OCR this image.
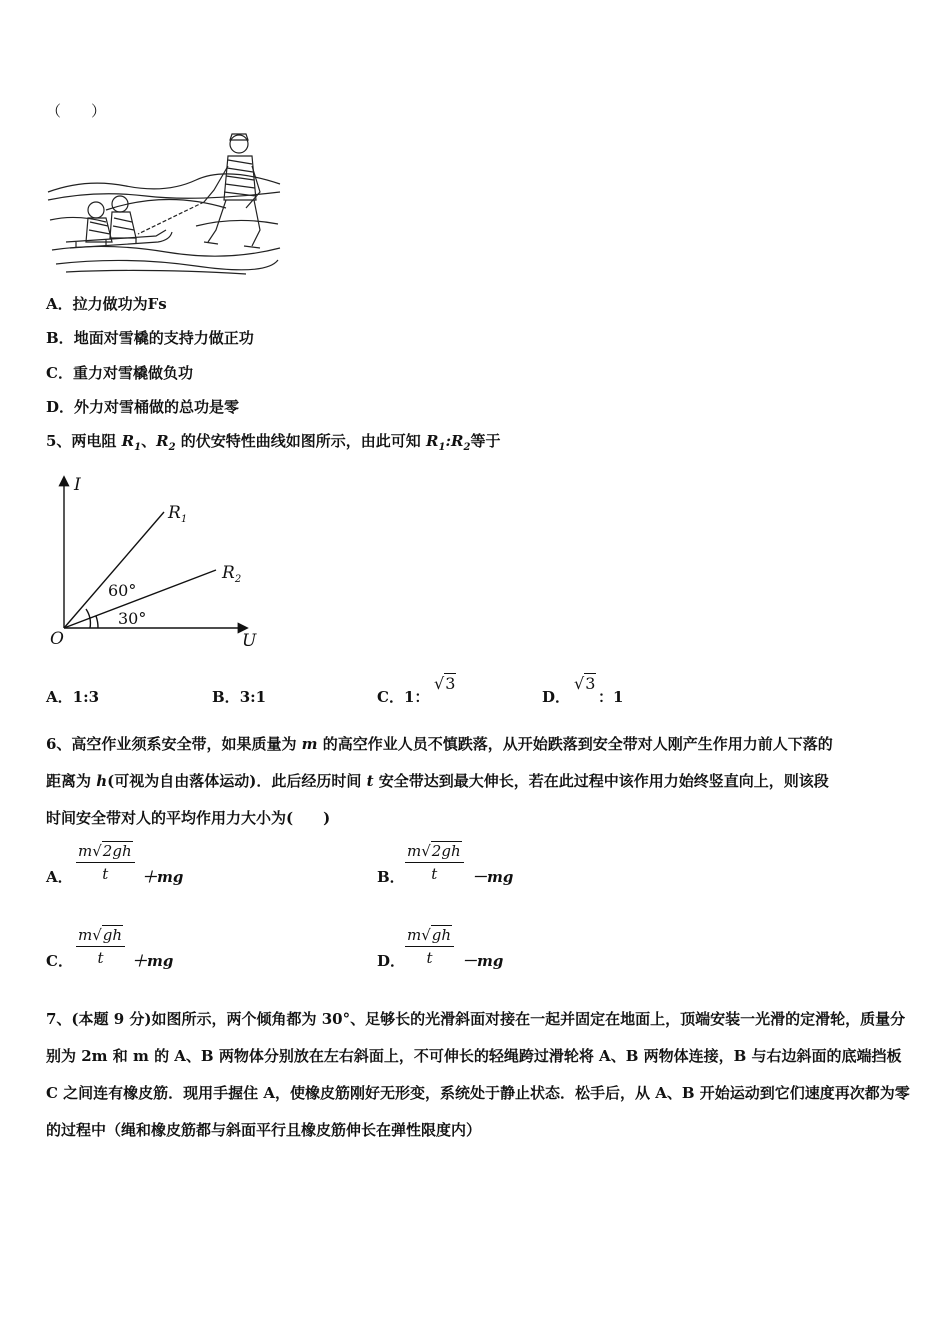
（　　）
A．拉力做功为Fs
B．地面对雪橇的支持力做正功
C．重力对雪橇做负功
D．外力对雪桶做的总功是零
5、两电阻 $R_1$、$R_2$ 的伏安特性曲线如图所示，由此可知 $R_1:R_2$等于
I
U
O
$R_1$
$R_2$
60°
30°
A．1:3	B．3:1	C．1：
√3
D．
√3
：1
6、高空作业须系安全带，如果质量为 m 的高空作业人员不慎跌落，从开始跌落到安全带对人刚产生作用力前人下落的
距离为 h(可视为自由落体运动)．此后经历时间 t 安全带达到最大伸长，若在此过程中该作用力始终竖直向上，则该段
时间安全带对人的平均作用力大小为(　　)
A． $\frac{m√2gh}{t} +mg$	B． $\frac{m√2gh}{t} -mg$
C． $\frac{m√gh}{t} +mg$	D． $\frac{m√gh}{t} -mg$
7、(本题 9 分)如图所示，两个倾角都为 30°、足够长的光滑斜面对接在一起并固定在地面上，顶端安装一光滑的定滑轮，质量分别为 2m 和 m 的 A、B 两物体分别放在左右斜面上，不可伸长的轻绳跨过滑轮将 A、B 两物体连接，B 与右边斜面的底端挡板 C 之间连有橡皮筋．现用手握住 A，使橡皮筋刚好无形变，系统处于静止状态．松手后，从 A、B 开始运动到它们速度再次都为零的过程中（绳和橡皮筋都与斜面平行且橡皮筋伸长在弹性限度内）
